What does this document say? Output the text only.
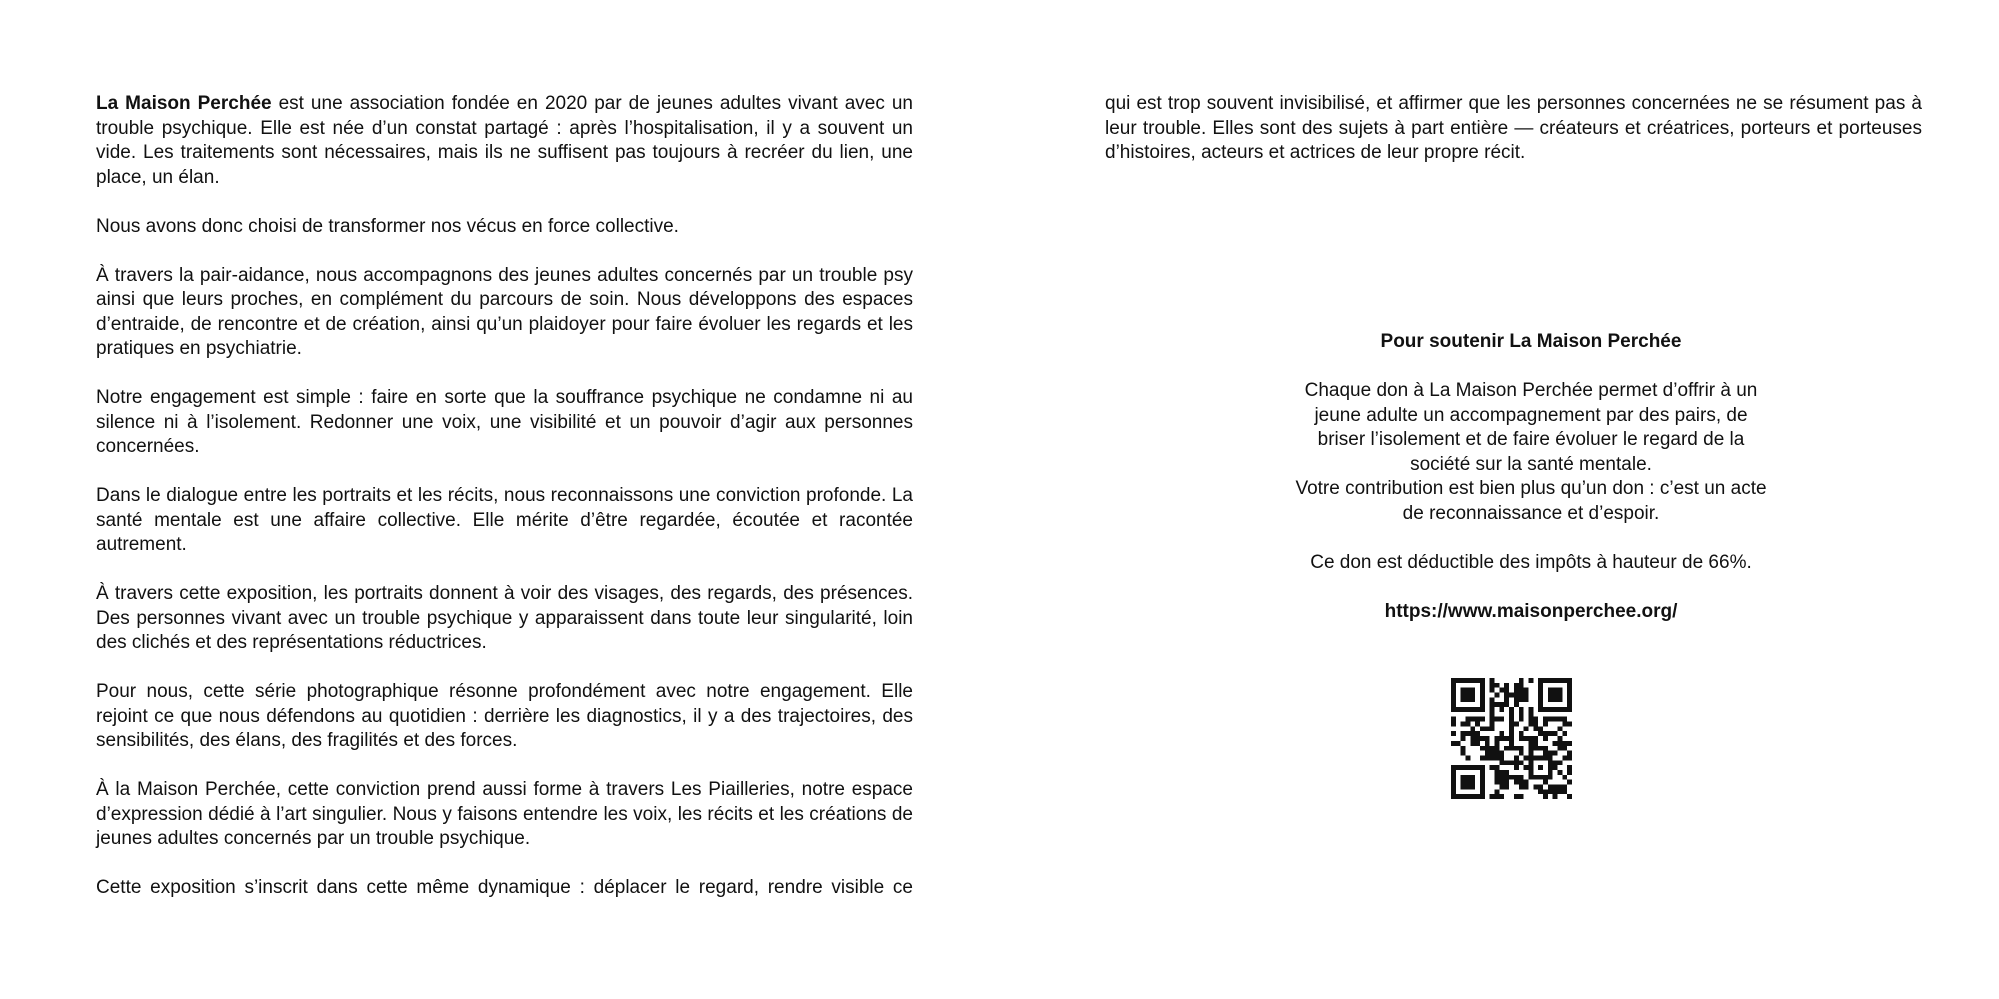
La Maison Perchée est une association fondée en 2020 par de jeunes adultes vivant avec un trouble psychique. Elle est née d’un constat partagé : après l’hospitalisation, il y a souvent un vide. Les traitements sont nécessaires, mais ils ne suffisent pas toujours à recréer du lien, une place, un élan.

Nous avons donc choisi de transformer nos vécus en force collective.

À travers la pair-aidance, nous accompagnons des jeunes adultes concernés par un trouble psy ainsi que leurs proches, en complément du parcours de soin. Nous développons des espaces d’entraide, de rencontre et de création, ainsi qu’un plaidoyer pour faire évoluer les regards et les pratiques en psychiatrie.

Notre engagement est simple : faire en sorte que la souffrance psychique ne condamne ni au silence ni à l’isolement. Redonner une voix, une visibilité et un pouvoir d’agir aux personnes concernées.

Dans le dialogue entre les portraits et les récits, nous reconnaissons une conviction profonde. La santé mentale est une affaire collective. Elle mérite d’être regardée, écoutée et racontée autrement.

À travers cette exposition, les portraits donnent à voir des visages, des regards, des présences. Des personnes vivant avec un trouble psychique y apparaissent dans toute leur singularité, loin des clichés et des représentations réductrices.

Pour nous, cette série photographique résonne profondément avec notre engagement. Elle rejoint ce que nous défendons au quotidien : derrière les diagnostics, il y a des trajectoires, des sensibilités, des élans, des fragilités et des forces.

À la Maison Perchée, cette conviction prend aussi forme à travers Les Piailleries, notre espace d’expression dédié à l’art singulier. Nous y faisons entendre les voix, les récits et les créations de jeunes adultes concernés par un trouble psychique.

Cette exposition s’inscrit dans cette même dynamique : déplacer le regard, rendre visible ce

qui est trop souvent invisibilisé, et affirmer que les personnes concernées ne se résument pas à leur trouble. Elles sont des sujets à part entière — créateurs et créatrices, porteurs et porteuses d’histoires, acteurs et actrices de leur propre récit.

Pour soutenir La Maison Perchée

Chaque don à La Maison Perchée permet d’offrir à un jeune adulte un accompagnement par des pairs, de briser l’isolement et de faire évoluer le regard de la société sur la santé mentale.
Votre contribution est bien plus qu’un don : c’est un acte de reconnaissance et d’espoir.

Ce don est déductible des impôts à hauteur de 66%.

https://www.maisonperchee.org/
